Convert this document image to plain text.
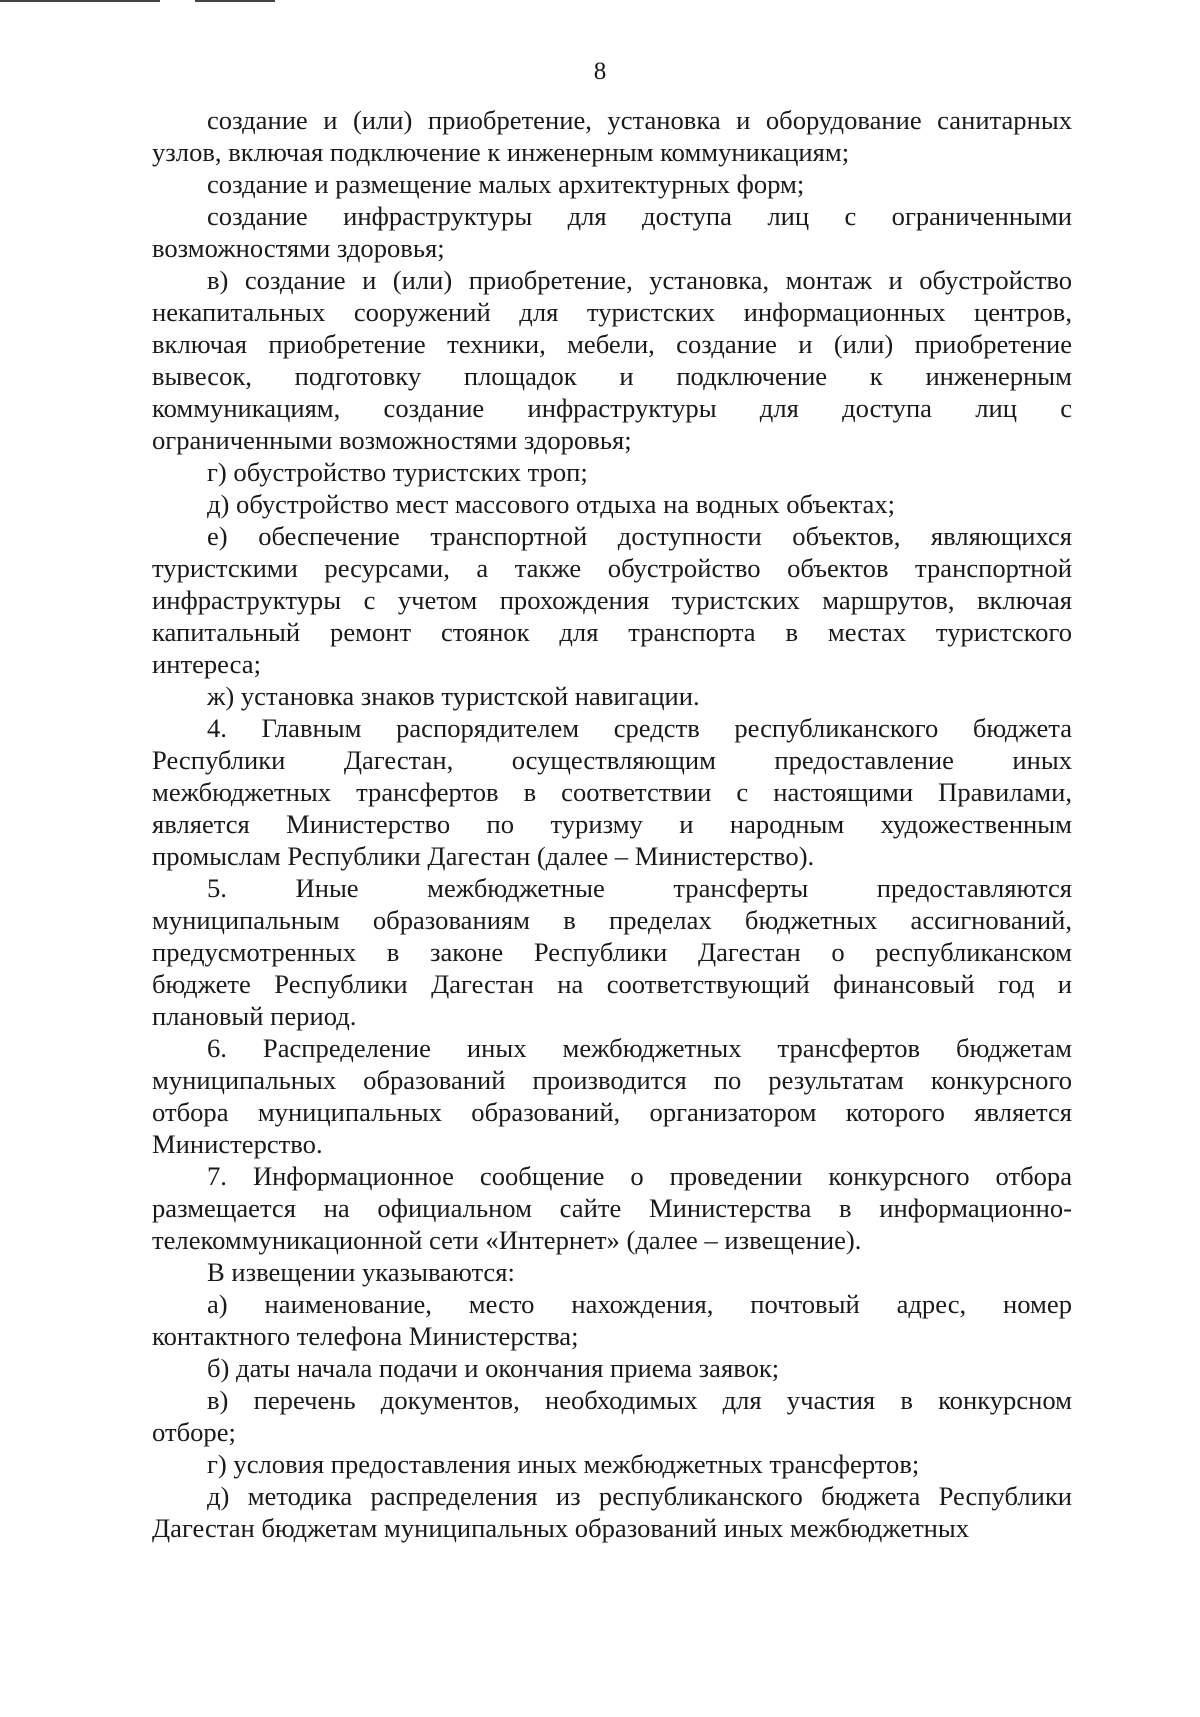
8
создание и (или) приобретение, установка и оборудование санитарных
узлов, включая подключение к инженерным коммуникациям;
создание и размещение малых архитектурных форм;
создание инфраструктуры для доступа лиц с ограниченными
возможностями здоровья;
в) создание и (или) приобретение, установка, монтаж и обустройство
некапитальных сооружений для туристских информационных центров,
включая приобретение техники, мебели, создание и (или) приобретение
вывесок, подготовку площадок и подключение к инженерным
коммуникациям, создание инфраструктуры для доступа лиц с
ограниченными возможностями здоровья;
г) обустройство туристских троп;
д) обустройство мест массового отдыха на водных объектах;
е) обеспечение транспортной доступности объектов, являющихся
туристскими ресурсами, а также обустройство объектов транспортной
инфраструктуры с учетом прохождения туристских маршрутов, включая
капитальный ремонт стоянок для транспорта в местах туристского
интереса;
ж) установка знаков туристской навигации.
4. Главным распорядителем средств республиканского бюджета
Республики Дагестан, осуществляющим предоставление иных
межбюджетных трансфертов в соответствии с настоящими Правилами,
является Министерство по туризму и народным художественным
промыслам Республики Дагестан (далее – Министерство).
5. Иные межбюджетные трансферты предоставляются
муниципальным образованиям в пределах бюджетных ассигнований,
предусмотренных в законе Республики Дагестан о республиканском
бюджете Республики Дагестан на соответствующий финансовый год и
плановый период.
6. Распределение иных межбюджетных трансфертов бюджетам
муниципальных образований производится по результатам конкурсного
отбора муниципальных образований, организатором которого является
Министерство.
7. Информационное сообщение о проведении конкурсного отбора
размещается на официальном сайте Министерства в информационно-
телекоммуникационной сети «Интернет» (далее – извещение).
В извещении указываются:
а) наименование, место нахождения, почтовый адрес, номер
контактного телефона Министерства;
б) даты начала подачи и окончания приема заявок;
в) перечень документов, необходимых для участия в конкурсном
отборе;
г) условия предоставления иных межбюджетных трансфертов;
д) методика распределения из республиканского бюджета Республики
Дагестан бюджетам муниципальных образований иных межбюджетных
